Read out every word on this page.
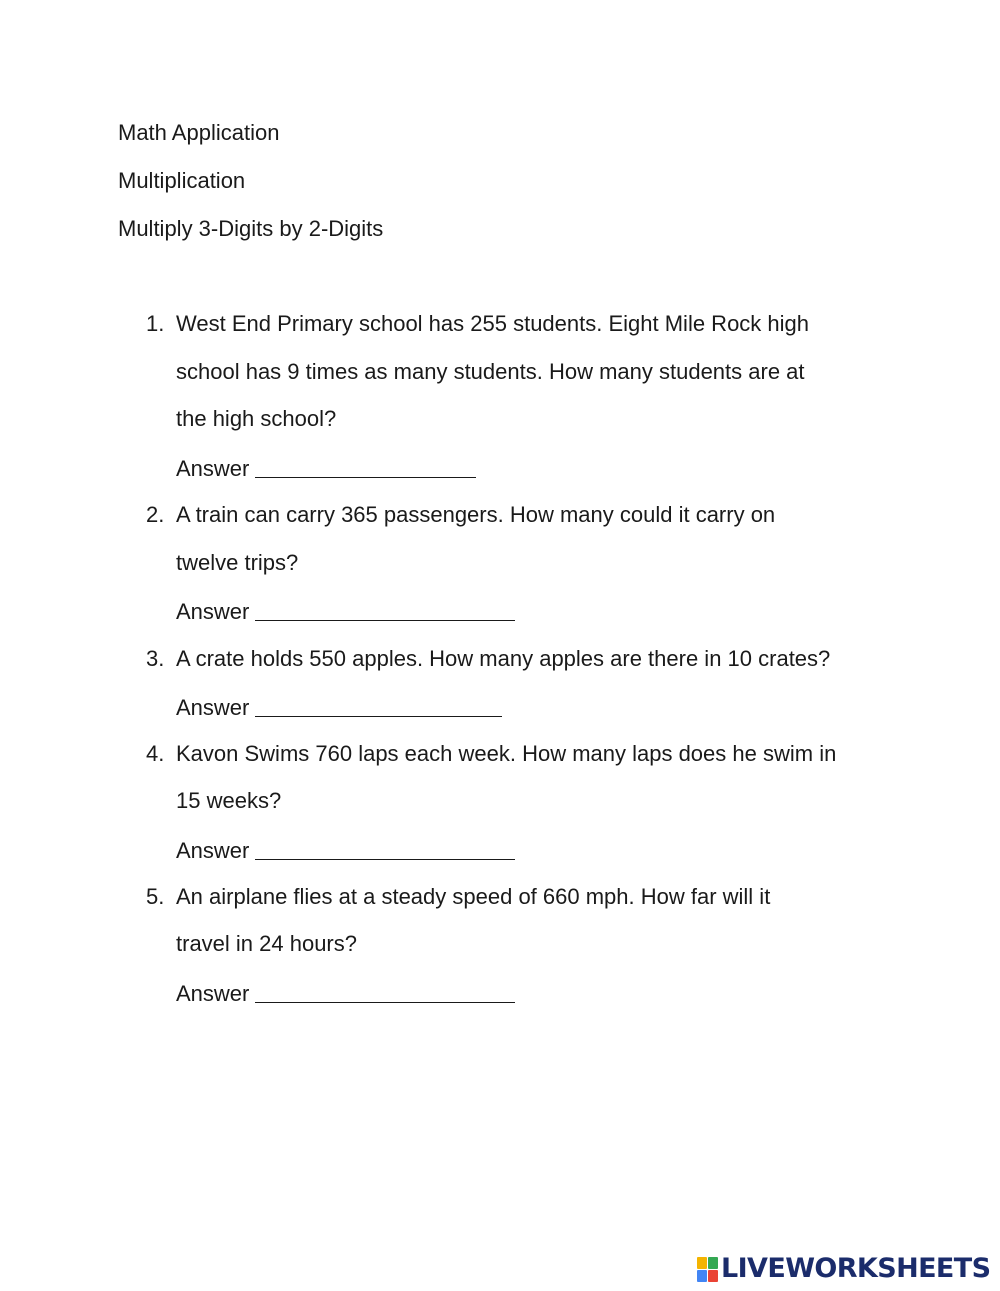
Math Application
Multiplication
Multiply 3-Digits by 2-Digits
1. West End Primary school has 255 students. Eight Mile Rock high
school has 9 times as many students. How many students are at
the high school?
Answer
2. A train can carry 365 passengers. How many could it carry on
twelve trips?
Answer
3. A crate holds 550 apples. How many apples are there in 10 crates?
Answer
4. Kavon Swims 760 laps each week. How many laps does he swim in
15 weeks?
Answer
5. An airplane flies at a steady speed of 660 mph. How far will it
travel in 24 hours?
Answer
LIVEWORKSHEETS
